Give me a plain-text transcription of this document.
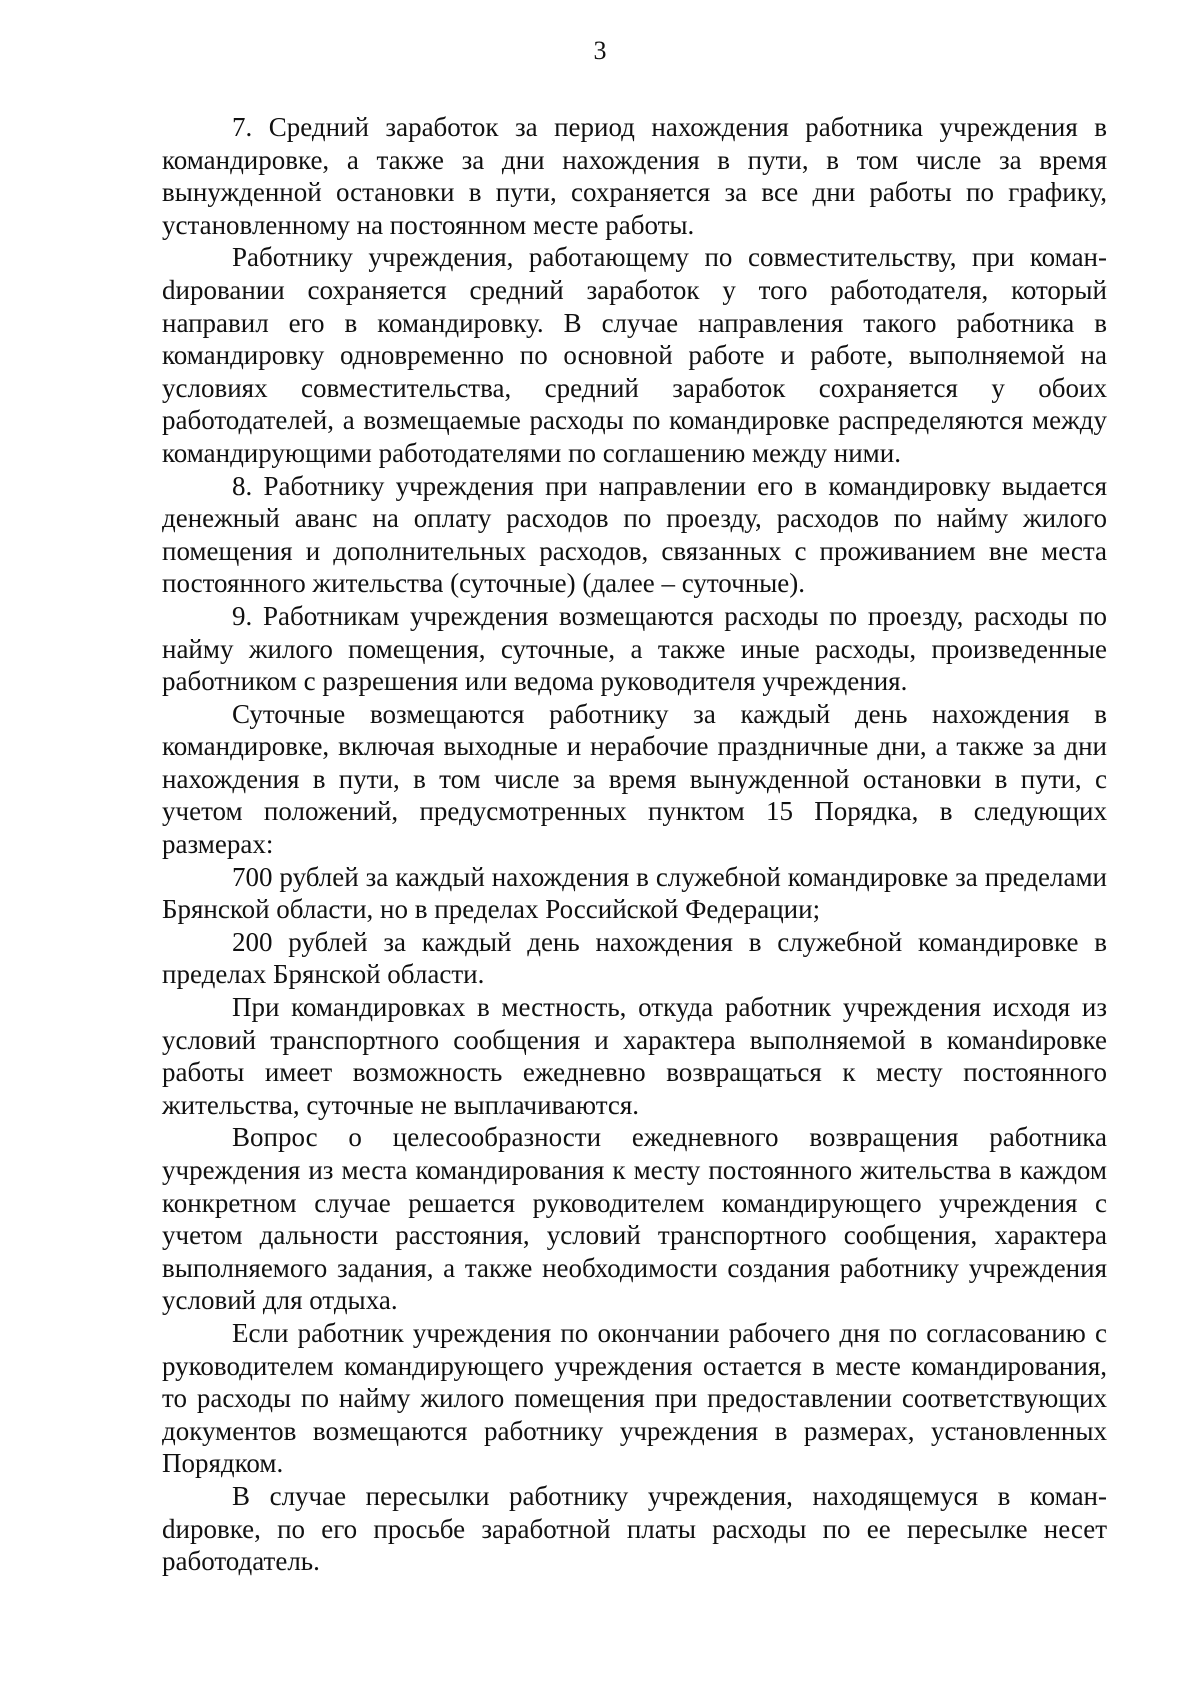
3

7. Средний заработок за период нахождения работника учреждения в командировке, а также за дни нахождения в пути, в том числе за время вынужденной остановки в пути, сохраняется за все дни работы по графику, установленному на постоянном месте работы.

Работнику учреждения, работающему по совместительству, при команdировании сохраняется средний заработок у того работодателя, который направил его в командировку. В случае направления такого работника в командировку одновременно по основной работе и работе, выполняемой на условиях совместительства, средний заработок сохраняется у обоих работодателей, а возмещаемые расходы по командировке распределяются между командирующими работодателями по соглашению между ними.

8. Работнику учреждения при направлении его в командировку выдается денежный аванс на оплату расходов по проезду, расходов по найму жилого помещения и дополнительных расходов, связанных с проживанием вне места постоянного жительства (суточные) (далее – суточные).

9. Работникам учреждения возмещаются расходы по проезду, расходы по найму жилого помещения, суточные, а также иные расходы, произведенные работником с разрешения или ведома руководителя учреждения.

Суточные возмещаются работнику за каждый день нахождения в командировке, включая выходные и нерабочие праздничные дни, а также за дни нахождения в пути, в том числе за время вынужденной остановки в пути, с учетом положений, предусмотренных пунктом 15 Порядка, в следующих размерах:

700 рублей за каждый нахождения в служебной командировке за пределами Брянской области, но в пределах Российской Федерации;

200 рублей за каждый день нахождения в служебной командировке в пределах Брянской области.

При командировках в местность, откуда работник учреждения исходя из условий транспортного сообщения и характера выполняемой в команdировке работы имеет возможность ежедневно возвращаться к месту постоянного жительства, суточные не выплачиваются.

Вопрос о целесообразности ежедневного возвращения работника учреждения из места командирования к месту постоянного жительства в каждом конкретном случае решается руководителем командирующего учреждения с учетом дальности расстояния, условий транспортного сообщения, характера выполняемого задания, а также необходимости создания работнику учреждения условий для отдыха.

Если работник учреждения по окончании рабочего дня по согласованию с руководителем командирующего учреждения остается в месте командирования, то расходы по найму жилого помещения при предоставлении соответствующих документов возмещаются работнику учреждения в размерах, установленных Порядком.

В случае пересылки работнику учреждения, находящемуся в команdировке, по его просьбе заработной платы расходы по ее пересылке несет работодатель.
